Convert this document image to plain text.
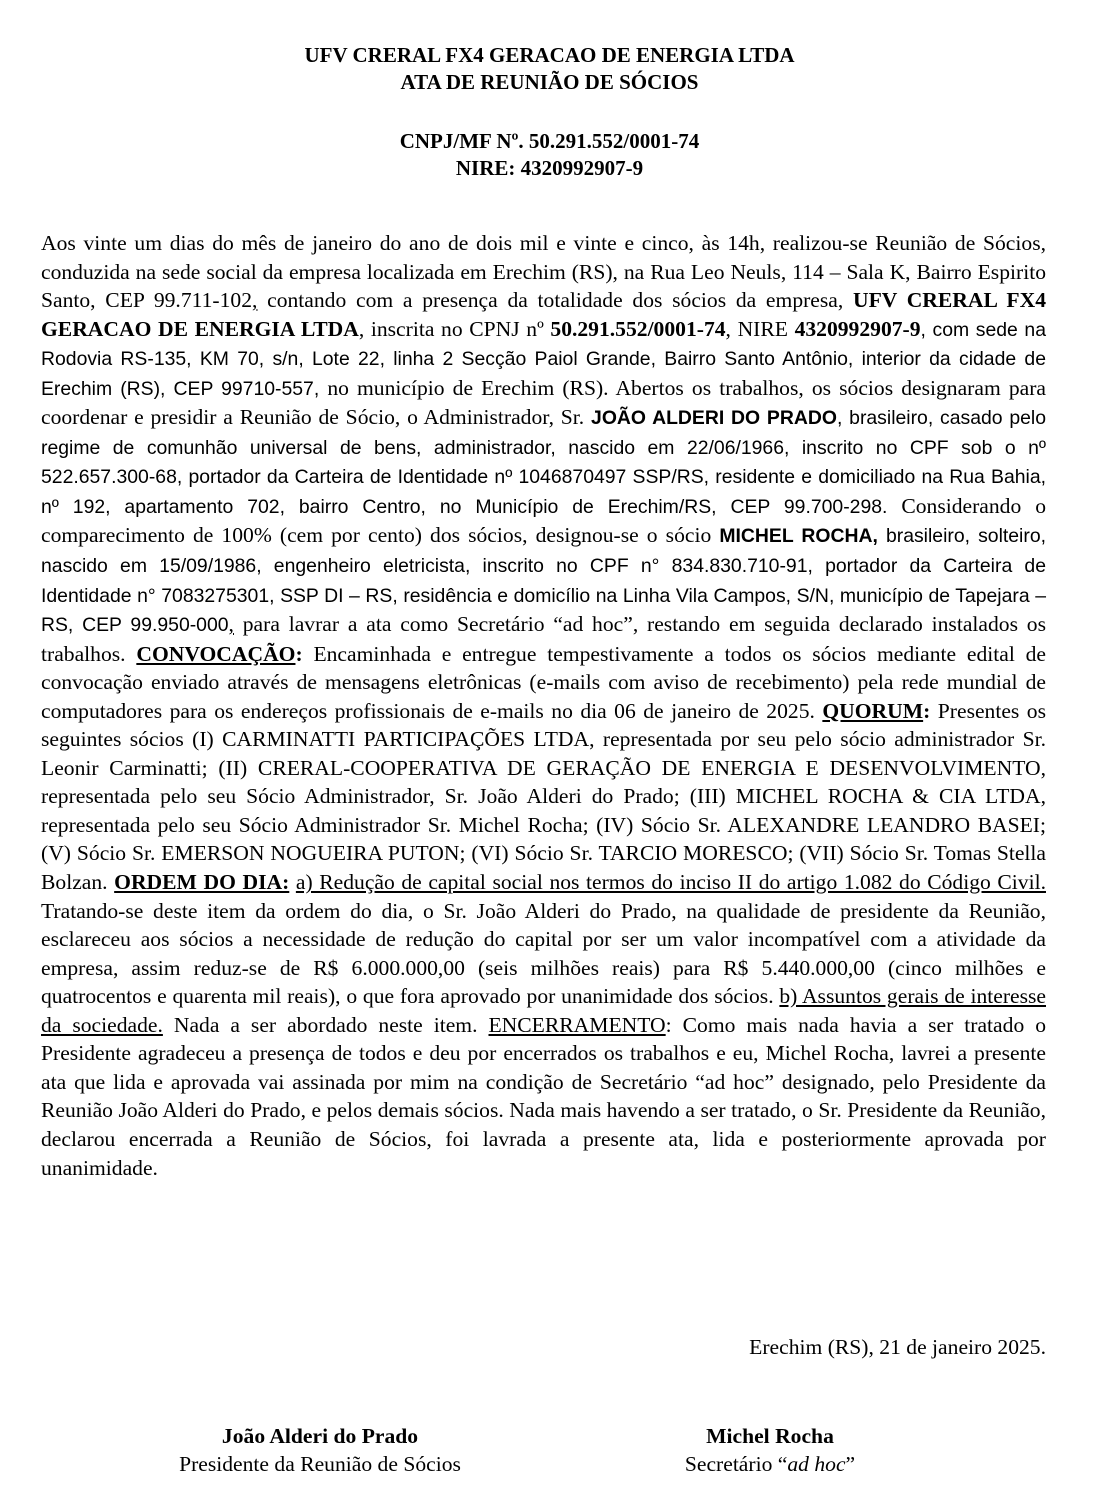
UFV CRERAL FX4 GERACAO DE ENERGIA LTDA
ATA DE REUNIÃO DE SÓCIOS
CNPJ/MF Nº. 50.291.552/0001-74
NIRE: 4320992907-9

Aos vinte um dias do mês de janeiro do ano de dois mil e vinte e cinco, às 14h, realizou-se Reunião de Sócios, conduzida na sede social da empresa localizada em Erechim (RS), na Rua Leo Neuls, 114 – Sala K, Bairro Espirito Santo, CEP 99.711-102, contando com a presença da totalidade dos sócios da empresa, UFV CRERAL FX4 GERACAO DE ENERGIA LTDA, inscrita no CPNJ nº 50.291.552/0001-74, NIRE 4320992907-9, com sede na Rodovia RS-135, KM 70, s/n, Lote 22, linha 2 Secção Paiol Grande, Bairro Santo Antônio, interior da cidade de Erechim (RS), CEP 99710-557, no município de Erechim (RS). Abertos os trabalhos, os sócios designaram para coordenar e presidir a Reunião de Sócio, o Administrador, Sr. JOÃO ALDERI DO PRADO, brasileiro, casado pelo regime de comunhão universal de bens, administrador, nascido em 22/06/1966, inscrito no CPF sob o nº 522.657.300-68, portador da Carteira de Identidade nº 1046870497 SSP/RS, residente e domiciliado na Rua Bahia, nº 192, apartamento 702, bairro Centro, no Município de Erechim/RS, CEP 99.700-298. Considerando o comparecimento de 100% (cem por cento) dos sócios, designou-se o sócio MICHEL ROCHA, brasileiro, solteiro, nascido em 15/09/1986, engenheiro eletricista, inscrito no CPF n° 834.830.710-91, portador da Carteira de Identidade n° 7083275301, SSP DI – RS, residência e domicílio na Linha Vila Campos, S/N, município de Tapejara – RS, CEP 99.950-000, para lavrar a ata como Secretário “ad hoc”, restando em seguida declarado instalados os trabalhos. CONVOCAÇÃO: Encaminhada e entregue tempestivamente a todos os sócios mediante edital de convocação enviado através de mensagens eletrônicas (e-mails com aviso de recebimento) pela rede mundial de computadores para os endereços profissionais de e-mails no dia 06 de janeiro de 2025. QUORUM: Presentes os seguintes sócios (I) CARMINATTI PARTICIPAÇÕES LTDA, representada por seu pelo sócio administrador Sr. Leonir Carminatti; (II) CRERAL-COOPERATIVA DE GERAÇÃO DE ENERGIA E DESENVOLVIMENTO, representada pelo seu Sócio Administrador, Sr. João Alderi do Prado; (III) MICHEL ROCHA & CIA LTDA, representada pelo seu Sócio Administrador Sr. Michel Rocha; (IV) Sócio Sr. ALEXANDRE LEANDRO BASEI; (V) Sócio Sr. EMERSON NOGUEIRA PUTON; (VI) Sócio Sr. TARCIO MORESCO; (VII) Sócio Sr. Tomas Stella Bolzan. ORDEM DO DIA: a) Redução de capital social nos termos do inciso II do artigo 1.082 do Código Civil. Tratando-se deste item da ordem do dia, o Sr. João Alderi do Prado, na qualidade de presidente da Reunião, esclareceu aos sócios a necessidade de redução do capital por ser um valor incompatível com a atividade da empresa, assim reduz-se de R$ 6.000.000,00 (seis milhões reais) para R$ 5.440.000,00 (cinco milhões e quatrocentos e quarenta mil reais), o que fora aprovado por unanimidade dos sócios. b) Assuntos gerais de interesse da sociedade. Nada a ser abordado neste item. ENCERRAMENTO: Como mais nada havia a ser tratado o Presidente agradeceu a presença de todos e deu por encerrados os trabalhos e eu, Michel Rocha, lavrei a presente ata que lida e aprovada vai assinada por mim na condição de Secretário “ad hoc” designado, pelo Presidente da Reunião João Alderi do Prado, e pelos demais sócios. Nada mais havendo a ser tratado, o Sr. Presidente da Reunião, declarou encerrada a Reunião de Sócios, foi lavrada a presente ata, lida e posteriormente aprovada por unanimidade.

Erechim (RS), 21 de janeiro 2025.
João Alderi do Prado
Presidente da Reunião de Sócios
Michel Rocha
Secretário “ad hoc”
